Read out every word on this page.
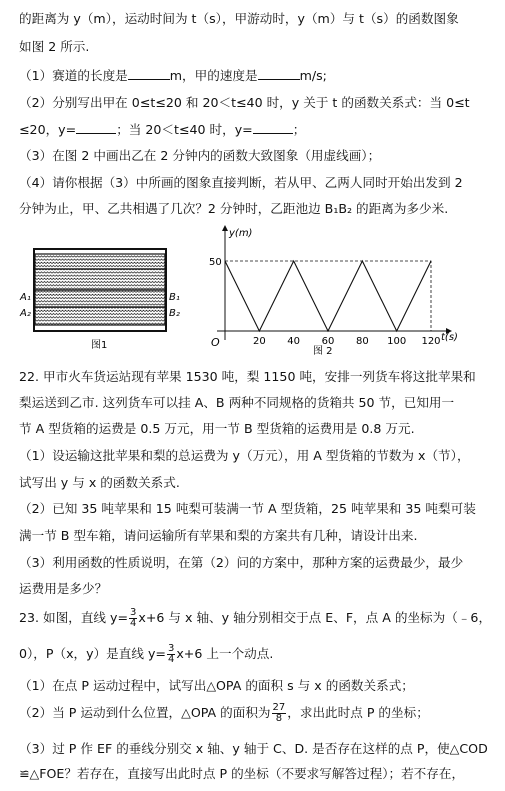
的距离为 y（m），运动时间为 t（s），甲游动时，y（m）与 t（s）的函数图象
如图 2 所示.
（1）赛道的长度是	m，甲的速度是	m/s;
（2）分别写出甲在 0≤t≤20 和 20＜t≤40 时，y 关于 t 的函数关系式：当 0≤t
≤20，y=	；当 20＜t≤40 时，y=	；
（3）在图 2 中画出乙在 2 分钟内的函数大致图象（用虚线画）；
（4）请你根据（3）中所画的图象直接判断，若从甲、乙两人同时开始出发到 2
分钟为止，甲、乙共相遇了几次？2 分钟时，乙距池边 B₁B₂ 的距离为多少米.
A₁
A₂
B₁
B₂
图1
y(m)
t(s)
O
50
20 40 60 80 100 120
图 2
22. 甲市火车货运站现有苹果 1530 吨，梨 1150 吨，安排一列货车将这批苹果和
梨运送到乙市. 这列货车可以挂 A、B 两种不同规格的货箱共 50 节，已知用一
节 A 型货箱的运费是 0.5 万元，用一节 B 型货箱的运费用是 0.8 万元.
（1）设运输这批苹果和梨的总运费为 y（万元），用 A 型货箱的节数为 x（节），
试写出 y 与 x 的函数关系式.
（2）已知 35 吨苹果和 15 吨梨可装满一节 A 型货箱，25 吨苹果和 35 吨梨可装
满一节 B 型车箱，请问运输所有苹果和梨的方案共有几种，请设计出来.
（3）利用函数的性质说明，在第（2）问的方案中，那种方案的运费最少，最少
运费用是多少？
23. 如图，直线 $y= \frac{3}{4} x+6$ 与 x 轴、y 轴分别相交于点 E、F，点 A 的坐标为（﹣6，
0），P（x，y）是直线 $y= \frac{3}{4} x+6$ 上一个动点.
（1）在点 P 运动过程中，试写出△OPA 的面积 s 与 x 的函数关系式；
（2）当 P 运动到什么位置，△OPA 的面积为 $\frac{27}{8}$ ，求出此时点 P 的坐标；
（3）过 P 作 EF 的垂线分别交 x 轴、y 轴于 C、D. 是否存在这样的点 P，使△COD
≌△FOE？若存在，直接写出此时点 P 的坐标（不要求写解答过程）；若不存在，
